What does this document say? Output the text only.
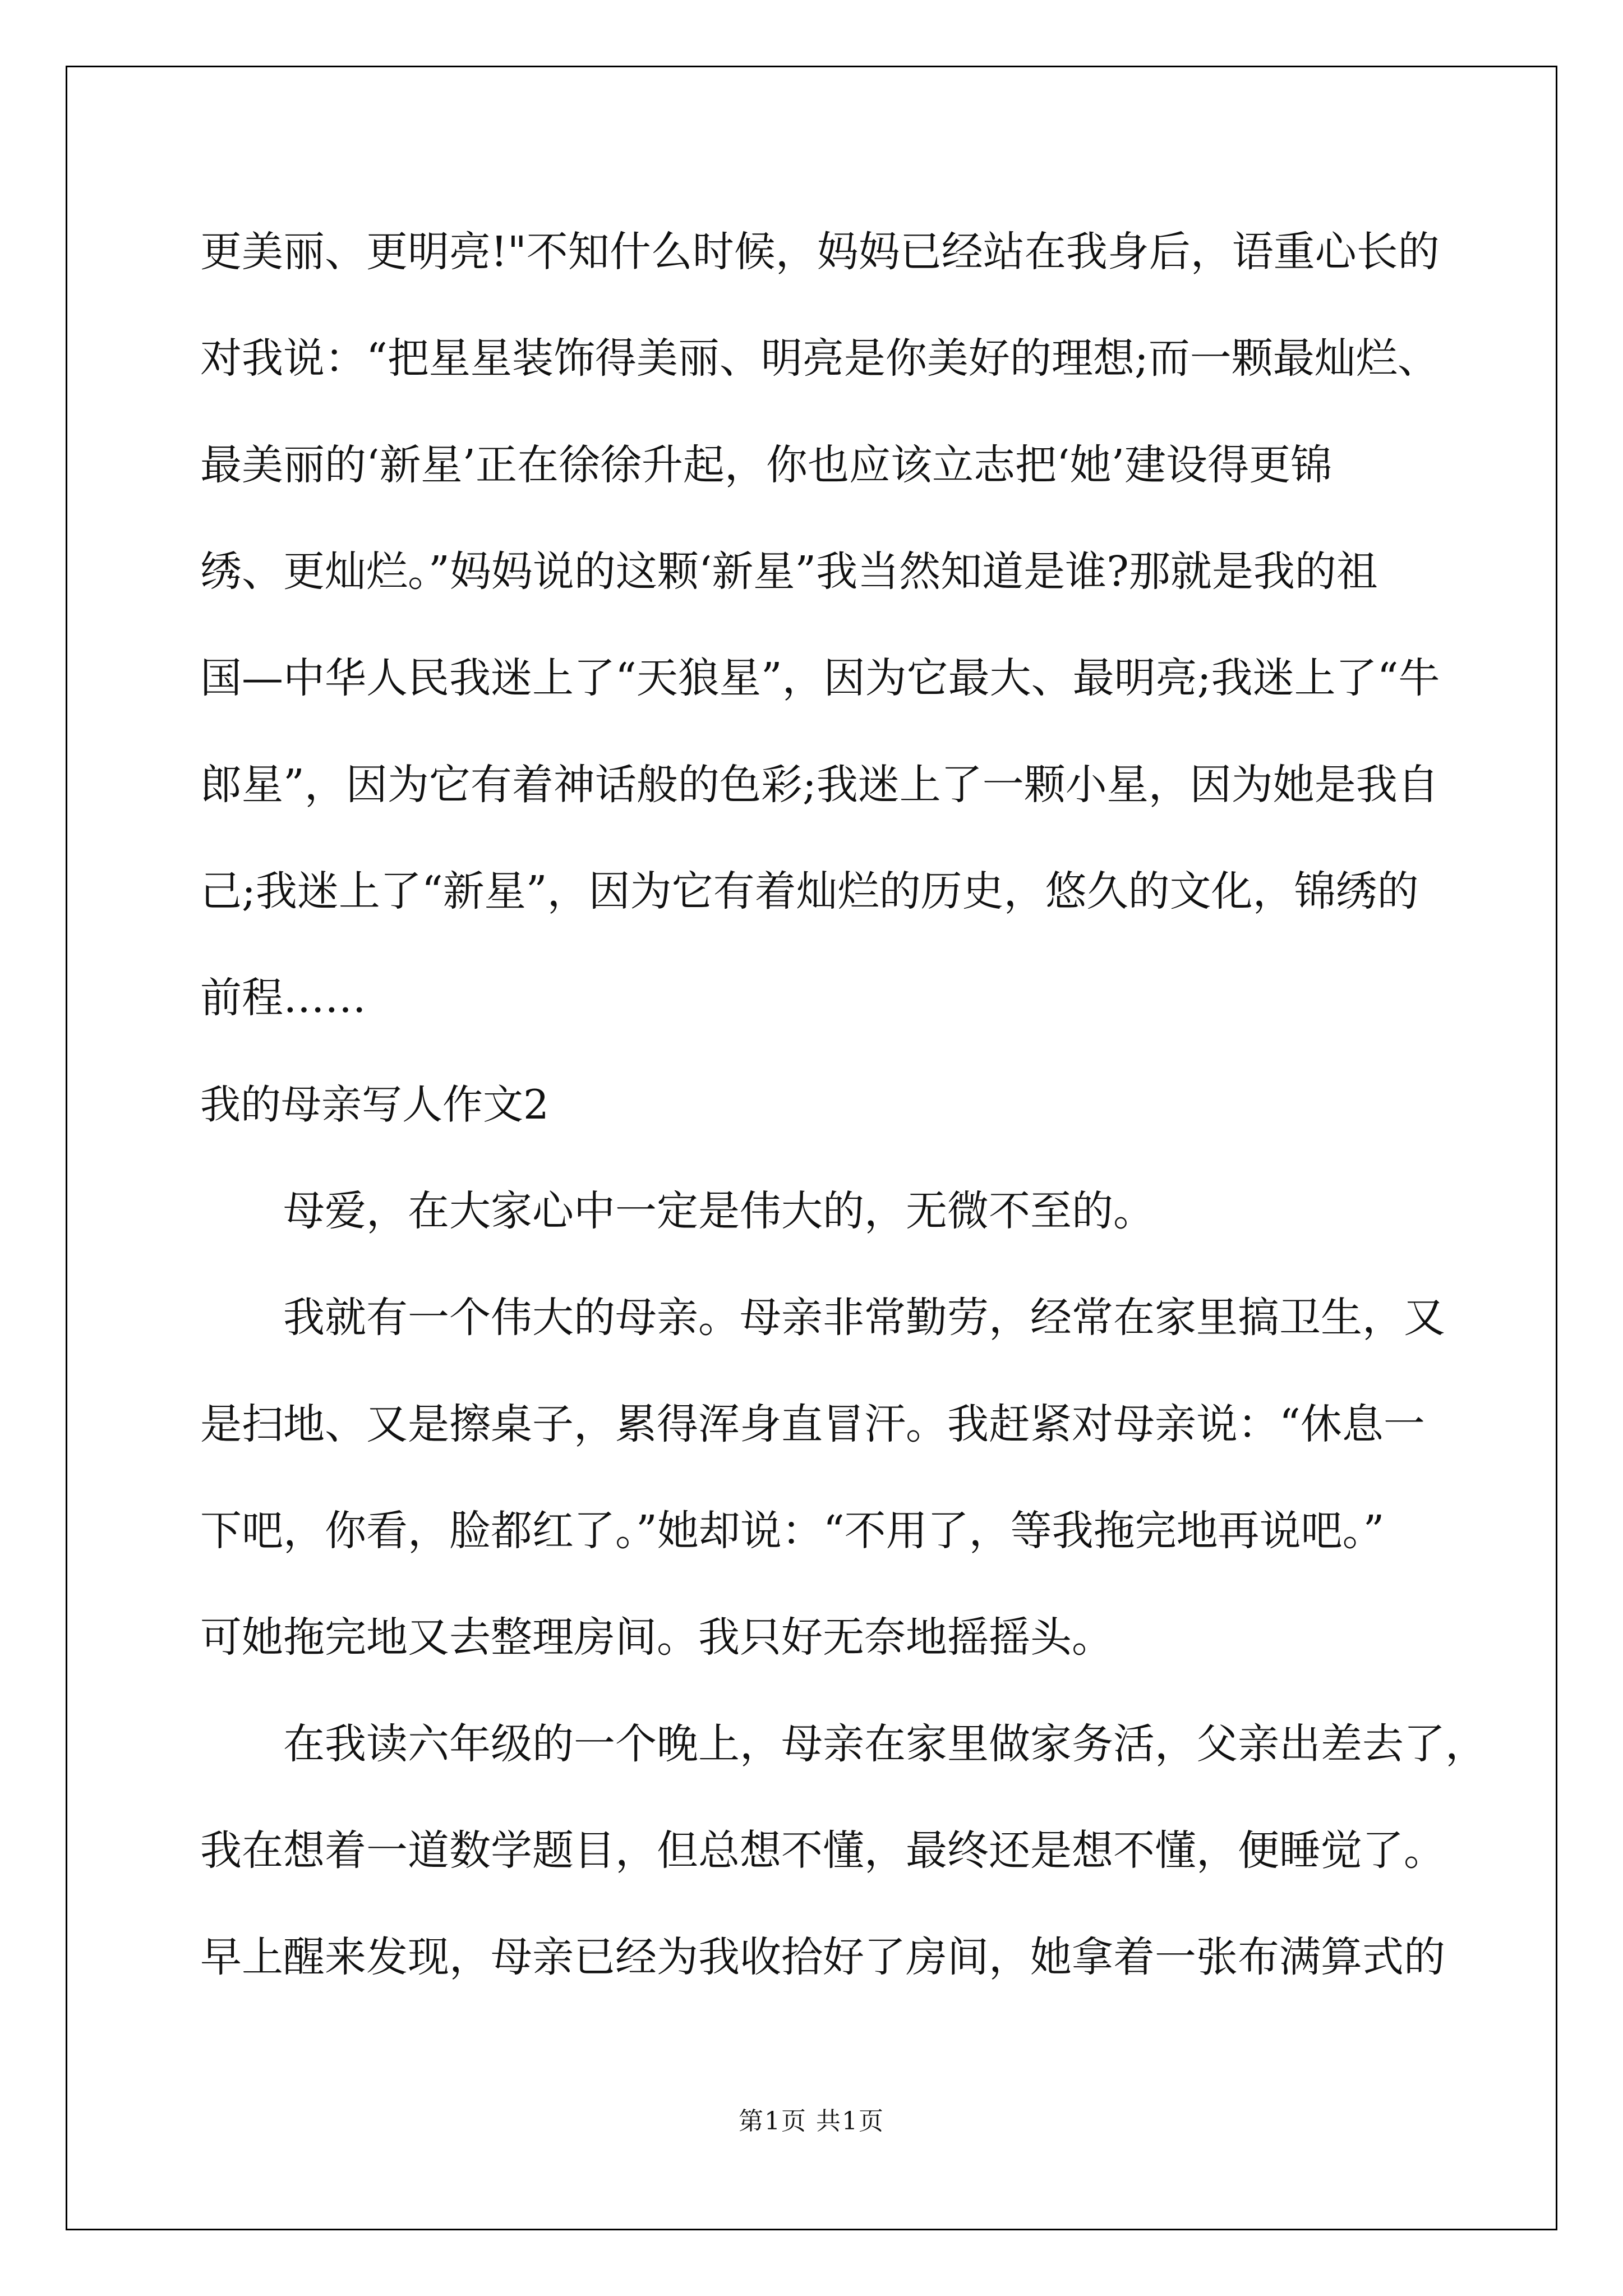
更美丽、更明亮!"不知什么时候，妈妈已经站在我身后，语重心长的
对我说：“把星星装饰得美丽、明亮是你美好的理想;而一颗最灿烂、
最美丽的‘新星’正在徐徐升起，你也应该立志把‘她’建设得更锦
绣、更灿烂。”妈妈说的这颗‘新星”我当然知道是谁?那就是我的祖
国—中华人民我迷上了“天狼星”，因为它最大、最明亮;我迷上了“牛
郎星”，因为它有着神话般的色彩;我迷上了一颗小星，因为她是我自
己;我迷上了“新星”，因为它有着灿烂的历史，悠久的文化，锦绣的
前程……
我的母亲写人作文2
母爱，在大家心中一定是伟大的，无微不至的。
我就有一个伟大的母亲。母亲非常勤劳，经常在家里搞卫生，又
是扫地、又是擦桌子，累得浑身直冒汗。我赶紧对母亲说：“休息一
下吧，你看，脸都红了。”她却说：“不用了，等我拖完地再说吧。”
可她拖完地又去整理房间。我只好无奈地摇摇头。
在我读六年级的一个晚上，母亲在家里做家务活，父亲出差去了，
我在想着一道数学题目，但总想不懂，最终还是想不懂，便睡觉了。
早上醒来发现，母亲已经为我收拾好了房间，她拿着一张布满算式的
第1页 共1页
